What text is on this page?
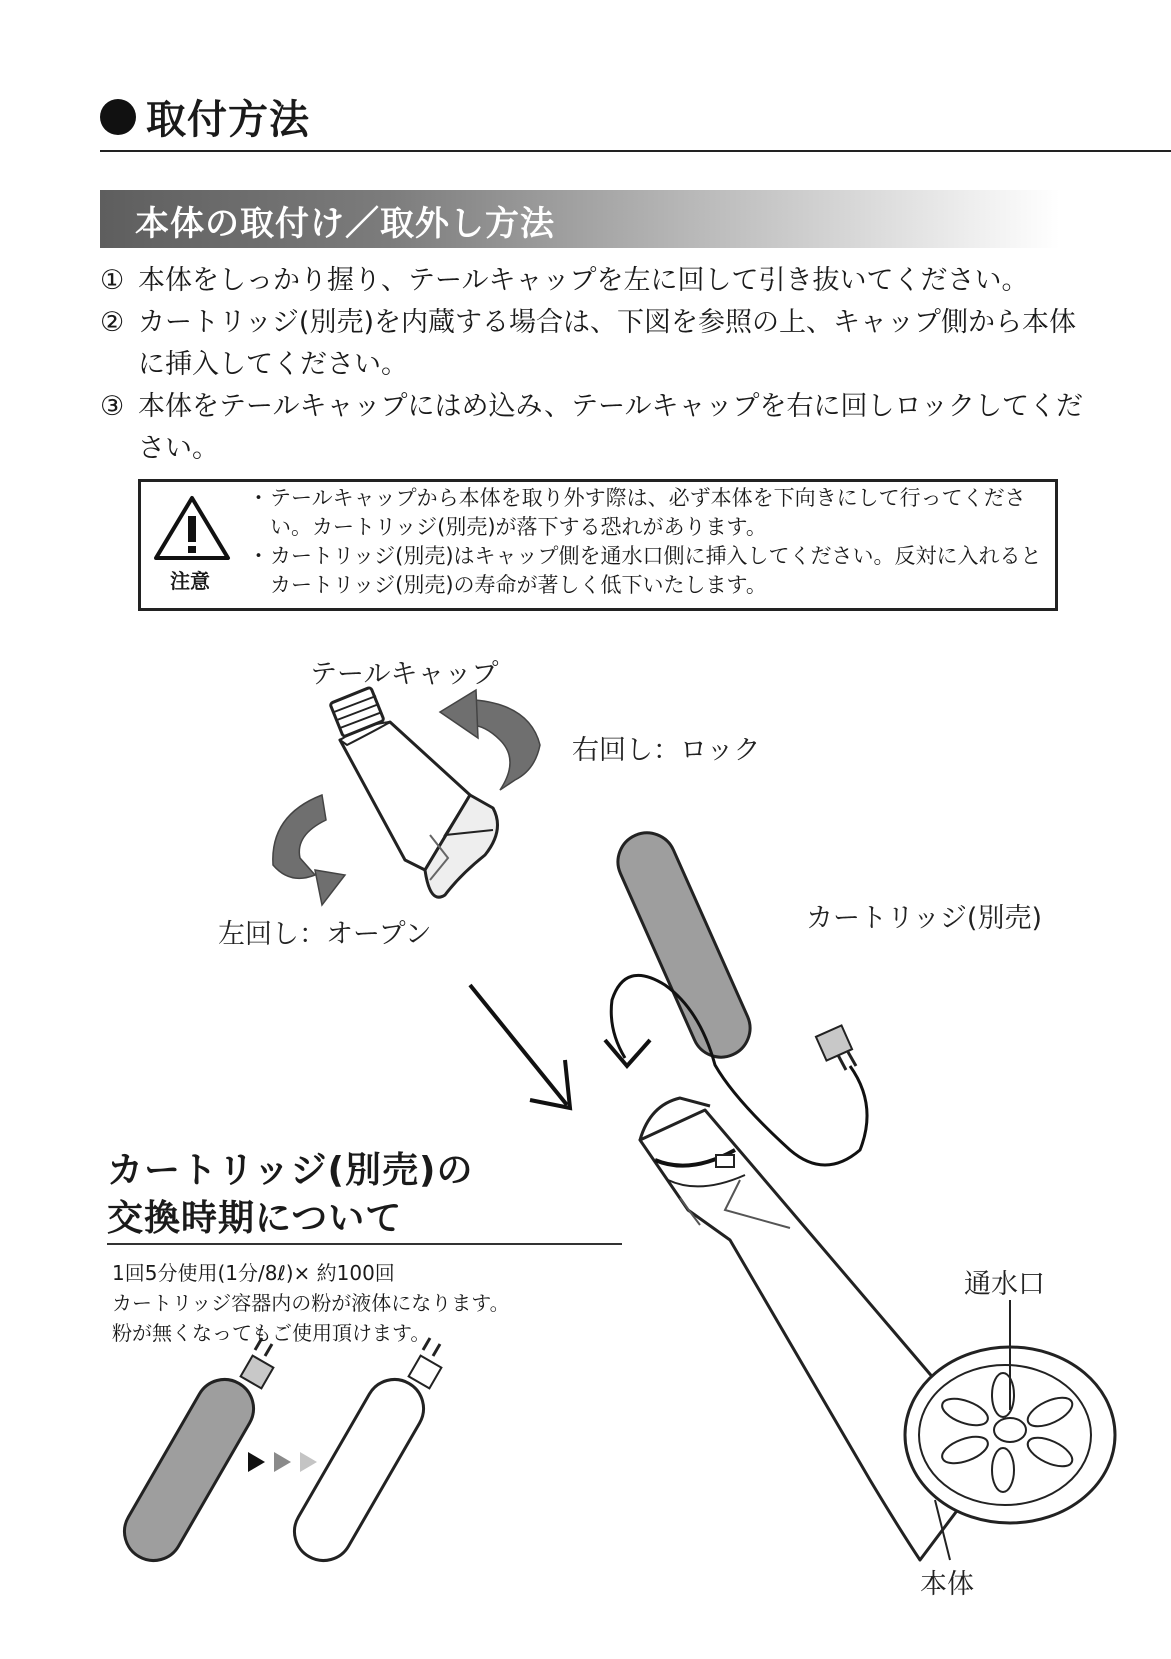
取付方法
本体の取付け／取外し方法
① 本体をしっかり握り、テールキャップを左に回して引き抜いてください。
② カートリッジ(別売)を内蔵する場合は、下図を参照の上、キャップ側から本体に挿入してください。
③ 本体をテールキャップにはめ込み、テールキャップを右に回しロックしてください。
注意
・ テールキャップから本体を取り外す際は、必ず本体を下向きにして行ってください。カートリッジ(別売)が落下する恐れがあります。
・ カートリッジ(別売)はキャップ側を通水口側に挿入してください。反対に入れるとカートリッジ(別売)の寿命が著しく低下いたします。
テールキャップ
右回し：ロック
左回し：オープン
カートリッジ(別売)
通水口
本体
カートリッジ(別売)の
交換時期について
1回5分使用(1分/8ℓ)× 約100回
カートリッジ容器内の粉が液体になります。
粉が無くなってもご使用頂けます。
